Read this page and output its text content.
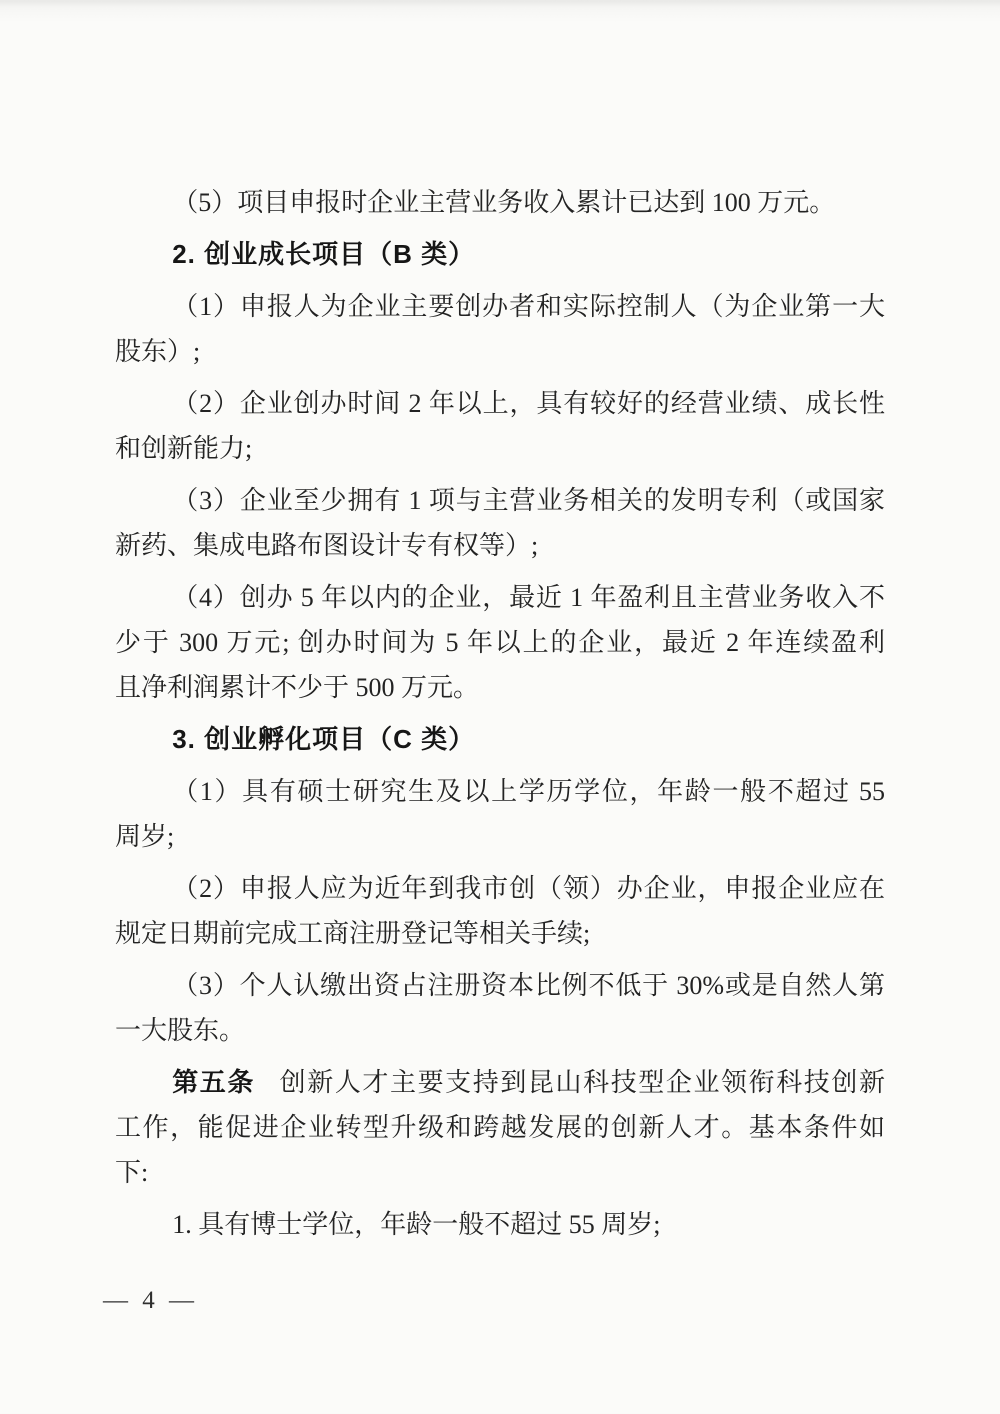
（5）项目申报时企业主营业务收入累计已达到 100 万元。

2. 创业成长项目（B 类）

（1）申报人为企业主要创办者和实际控制人（为企业第一大
股东）;

（2）企业创办时间 2 年以上，具有较好的经营业绩、成长性
和创新能力;

（3）企业至少拥有 1 项与主营业务相关的发明专利（或国家
新药、集成电路布图设计专有权等）;

（4）创办 5 年以内的企业，最近 1 年盈利且主营业务收入不
少于 300 万元; 创办时间为 5 年以上的企业，最近 2 年连续盈利
且净利润累计不少于 500 万元。

3. 创业孵化项目（C 类）

（1）具有硕士研究生及以上学历学位，年龄一般不超过 55
周岁;

（2）申报人应为近年到我市创（领）办企业，申报企业应在
规定日期前完成工商注册登记等相关手续;

（3）个人认缴出资占注册资本比例不低于 30%或是自然人第
一大股东。

第五条 创新人才主要支持到昆山科技型企业领衔科技创新
工作，能促进企业转型升级和跨越发展的创新人才。基本条件如
下:

1. 具有博士学位，年龄一般不超过 55 周岁;

— 4 —
